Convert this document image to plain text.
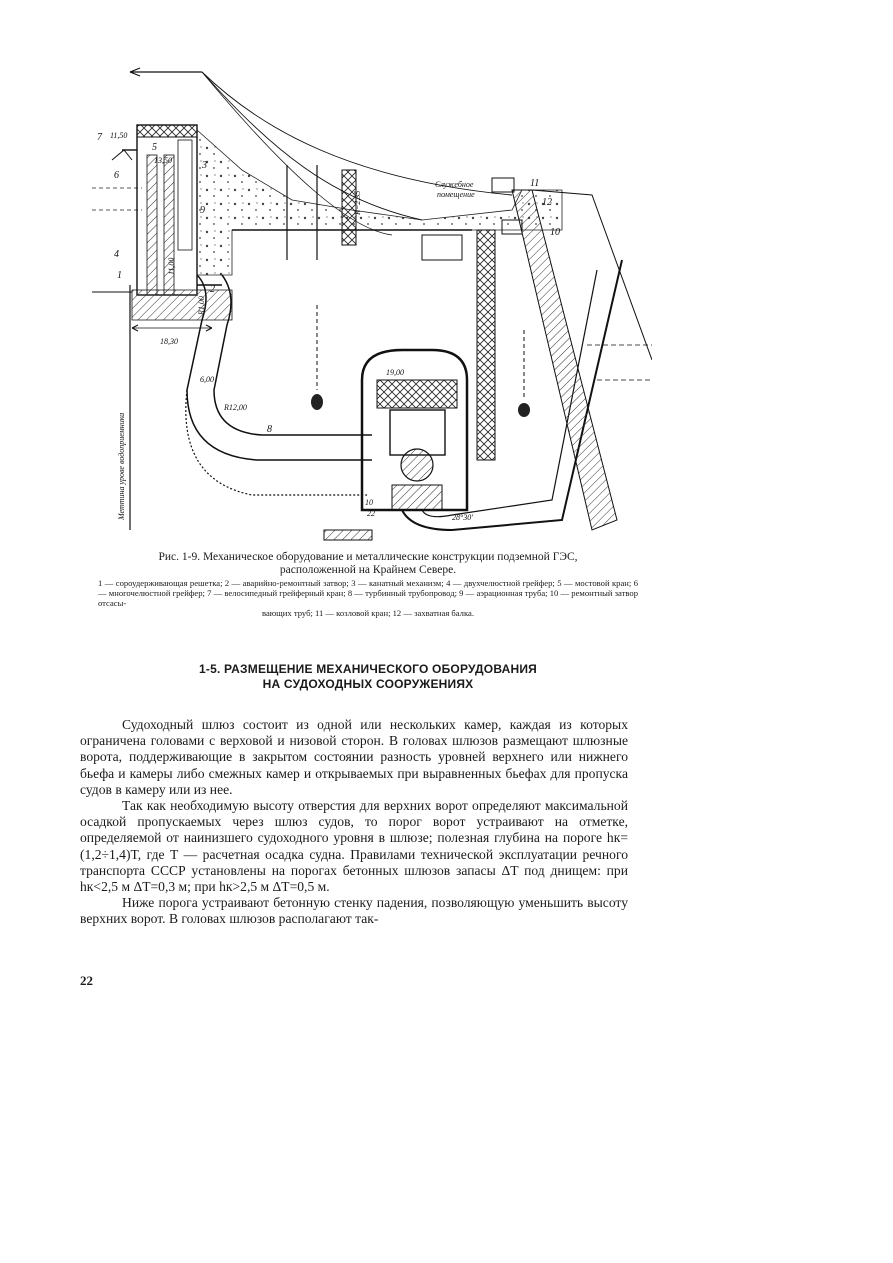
7 11,50
5
13,50	3
6
9
4
1
2
18,30
6,00
R12,00
8
19,00
R=2,35
R1,00
11,00
Служебное
помещение
11
12
10
28°30'
10
22
Меттина урове водоприемника
Рис. 1-9. Механическое оборудование и металлические конструкции подземной ГЭС,
расположенной на Крайнем Севере.
1 — сороудерживающая решетка; 2 — аварийно-ремонтный затвор; 3 — канатный механизм; 4 — двухчелюстной грейфер; 5 — мостовой кран; 6 — многочелюстной грейфер; 7 — велосипедный грейферный кран; 8 — турбинный трубопровод; 9 — аэрационная труба; 10 — ремонтный затвор отсасы-
вающих труб; 11 — козловой кран; 12 — захватная балка.
1-5. РАЗМЕЩЕНИЕ МЕХАНИЧЕСКОГО ОБОРУДОВАНИЯ
НА СУДОХОДНЫХ СООРУЖЕНИЯХ

Судоходный шлюз состоит из одной или нескольких камер, каждая из которых ограничена головами с верховой и низовой сторон. В головах шлюзов размещают шлюзные ворота, поддерживающие в закрытом состоянии разность уровней верхнего или нижнего бьефа и камеры либо смежных камер и открываемых при выравненных бьефах для пропуска судов в камеру или из нее.

Так как необходимую высоту отверстия для верхних ворот определяют максимальной осадкой пропускаемых через шлюз судов, то порог ворот устраивают на отметке, определяемой от наинизшего судоходного уровня в шлюзе; полезная глубина на пороге hк=(1,2÷1,4)T, где T — расчетная осадка судна. Правилами технической эксплуатации речного транспорта СССР установлены на порогах бетонных шлюзов запасы ΔT под днищем: при hк<2,5 м ΔT=0,3 м; при hк>2,5 м ΔT=0,5 м.

Ниже порога устраивают бетонную стенку падения, позволяющую уменьшить высоту верхних ворот. В головах шлюзов располагают так-

22
